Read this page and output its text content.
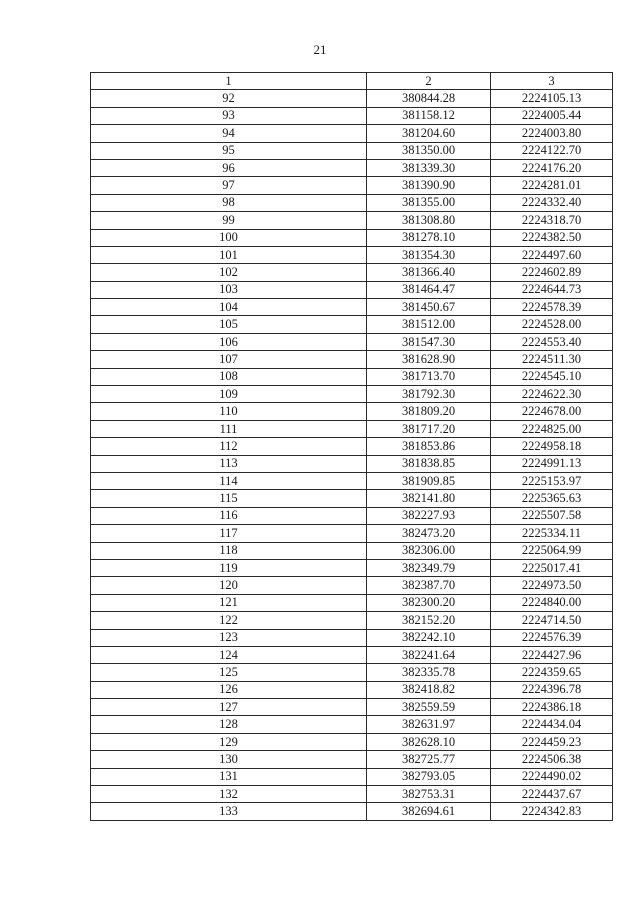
21
1	2	3
92	380844.28	2224105.13
93	381158.12	2224005.44
94	381204.60	2224003.80
95	381350.00	2224122.70
96	381339.30	2224176.20
97	381390.90	2224281.01
98	381355.00	2224332.40
99	381308.80	2224318.70
100	381278.10	2224382.50
101	381354.30	2224497.60
102	381366.40	2224602.89
103	381464.47	2224644.73
104	381450.67	2224578.39
105	381512.00	2224528.00
106	381547.30	2224553.40
107	381628.90	2224511.30
108	381713.70	2224545.10
109	381792.30	2224622.30
110	381809.20	2224678.00
111	381717.20	2224825.00
112	381853.86	2224958.18
113	381838.85	2224991.13
114	381909.85	2225153.97
115	382141.80	2225365.63
116	382227.93	2225507.58
117	382473.20	2225334.11
118	382306.00	2225064.99
119	382349.79	2225017.41
120	382387.70	2224973.50
121	382300.20	2224840.00
122	382152.20	2224714.50
123	382242.10	2224576.39
124	382241.64	2224427.96
125	382335.78	2224359.65
126	382418.82	2224396.78
127	382559.59	2224386.18
128	382631.97	2224434.04
129	382628.10	2224459.23
130	382725.77	2224506.38
131	382793.05	2224490.02
132	382753.31	2224437.67
133	382694.61	2224342.83
